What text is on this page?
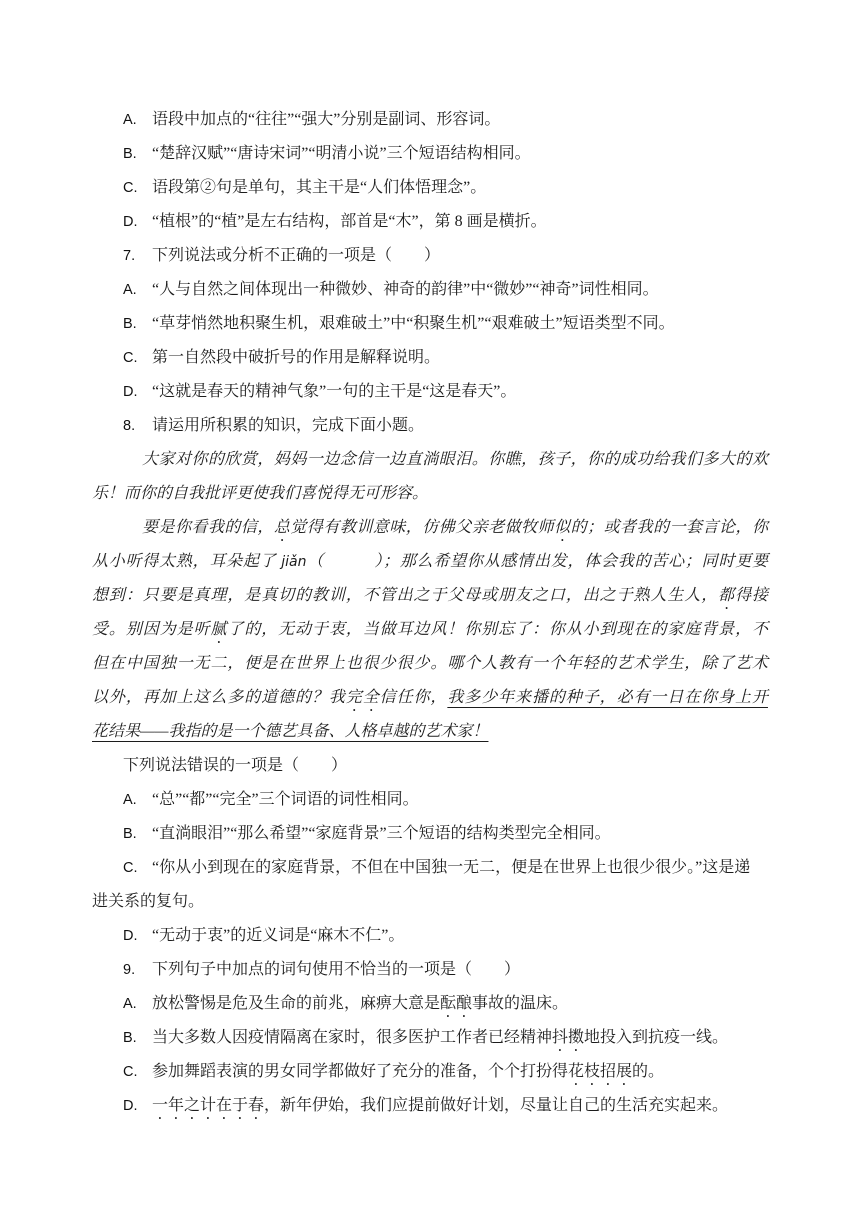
A. 语段中加点的“往往”“强大”分别是副词、形容词。
B. “楚辞汉赋”“唐诗宋词”“明清小说”三个短语结构相同。
C. 语段第②句是单句，其主干是“人们体悟理念”。
D. “植根”的“植”是左右结构，部首是“木”，第 8 画是横折。
7. 下列说法或分析不正确的一项是（　　）
A. “人与自然之间体现出一种微妙、神奇的韵律”中“微妙”“神奇”词性相同。
B. “草芽悄然地积聚生机，艰难破土”中“积聚生机”“艰难破土”短语类型不同。
C. 第一自然段中破折号的作用是解释说明。
D. “这就是春天的精神气象”一句的主干是“这是春天”。
8. 请运用所积累的知识，完成下面小题。
大家对你的欣赏，妈妈一边念信一边直淌眼泪。你瞧，孩子，你的成功给我们多大的欢
乐！而你的自我批评更使我们喜悦得无可形容。
要是你看我的信，总觉得有教训意味，仿佛父亲老做牧师似的；或者我的一套言论，你
从小听得太熟，耳朵起了 jiǎn（　　　）；那么希望你从感情出发，体会我的苦心；同时更要
想到：只要是真理，是真切的教训，不管出之于父母或朋友之口，出之于熟人生人，都得接
受。别因为是听腻了的，无动于衷，当做耳边风！你别忘了：你从小到现在的家庭背景，不
但在中国独一无二，便是在世界上也很少很少。哪个人教有一个年轻的艺术学生，除了艺术
以外，再加上这么多的道德的？我完全信任你，我多少年来播的种子，必有一日在你身上开
花结果——我指的是一个德艺具备、人格卓越的艺术家！
下列说法错误的一项是（　　）
A. “总”“都”“完全”三个词语的词性相同。
B. “直淌眼泪”“那么希望”“家庭背景”三个短语的结构类型完全相同。
C. “你从小到现在的家庭背景，不但在中国独一无二，便是在世界上也很少很少。”这是递
进关系的复句。
D. “无动于衷”的近义词是“麻木不仁”。
9. 下列句子中加点的词句使用不恰当的一项是（　　）
A. 放松警惕是危及生命的前兆，麻痹大意是酝酿事故的温床。
B. 当大多数人因疫情隔离在家时，很多医护工作者已经精神抖擞地投入到抗疫一线。
C. 参加舞蹈表演的男女同学都做好了充分的准备，个个打扮得花枝招展的。
D. 一年之计在于春，新年伊始，我们应提前做好计划，尽量让自己的生活充实起来。
